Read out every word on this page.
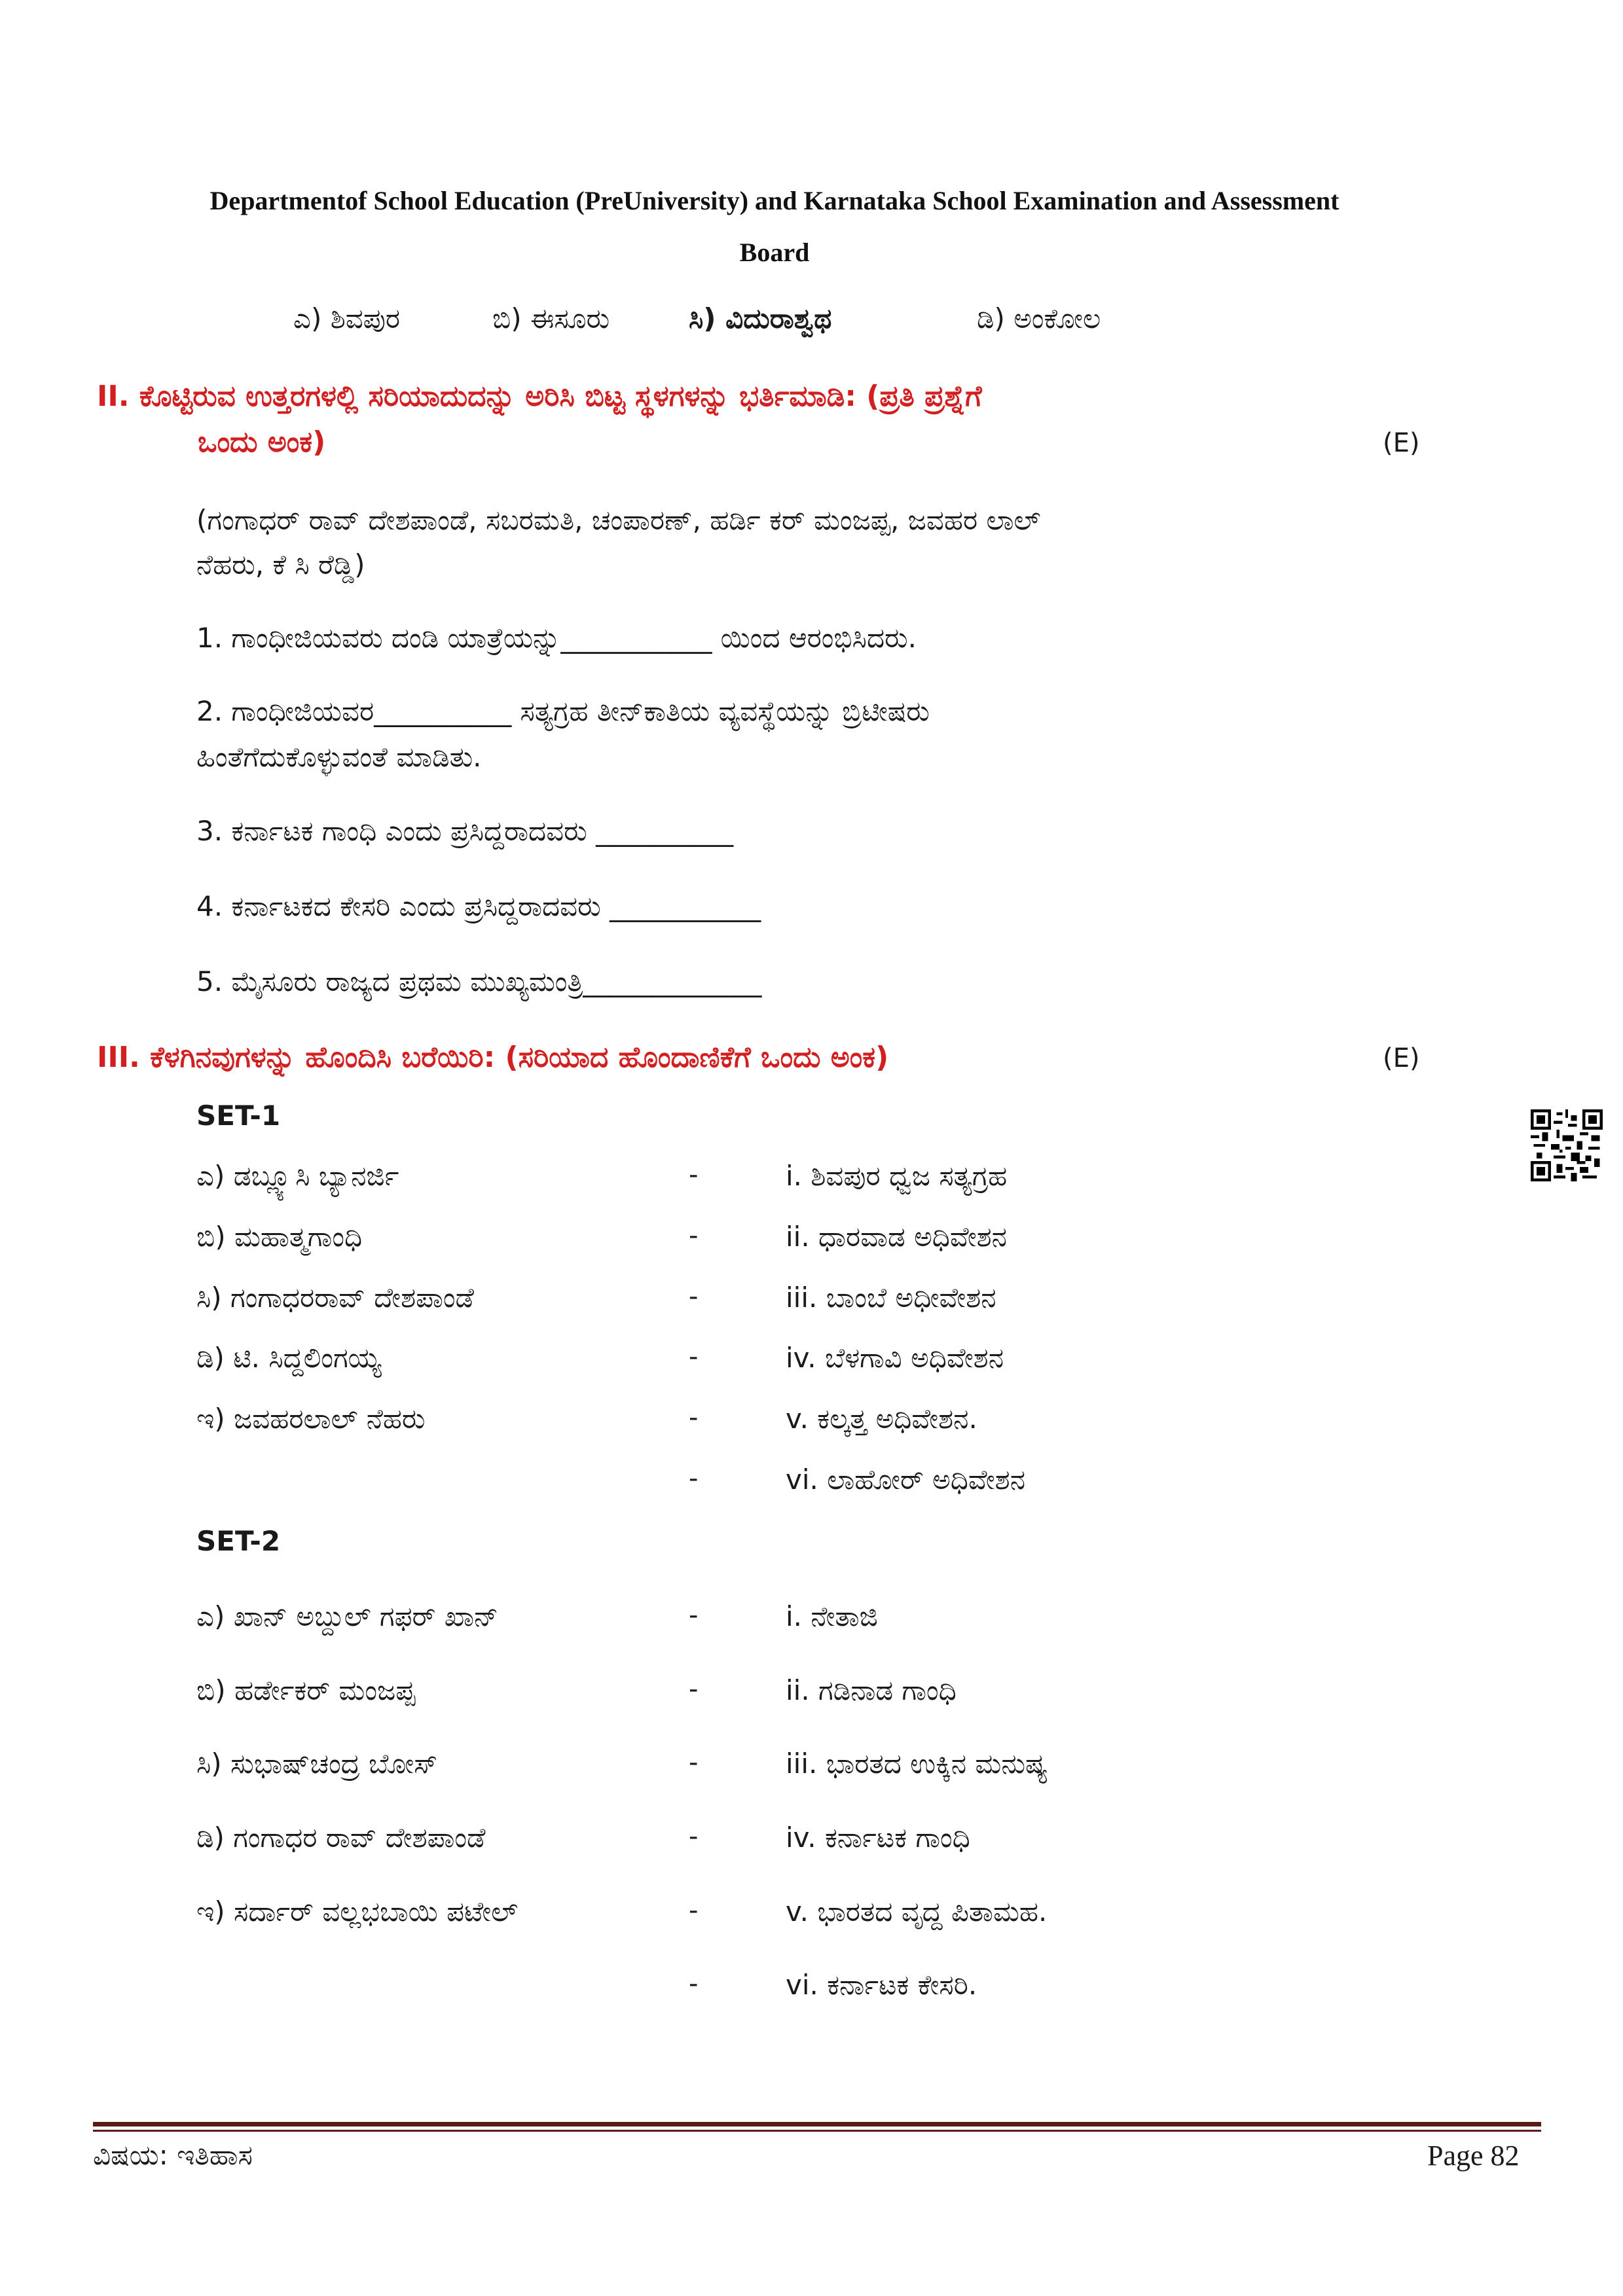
Departmentof School Education (PreUniversity) and Karnataka School Examination and Assessment
Board
ಎ) ಶಿವಪುರ	ಬಿ) ಈಸೂರು	ಸಿ) ವಿದುರಾಶ್ವಥ	ಡಿ) ಅಂಕೋಲ
II. ಕೊಟ್ಟಿರುವ ಉತ್ತರಗಳಲ್ಲಿ ಸರಿಯಾದುದನ್ನು ಅರಿಸಿ ಬಿಟ್ಟ ಸ್ಥಳಗಳನ್ನು ಭರ್ತಿಮಾಡಿ: (ಪ್ರತಿ ಪ್ರಶ್ನೆಗೆ
ಒಂದು ಅಂಕ)	(E)
(ಗಂಗಾಧರ್ ರಾವ್ ದೇಶಪಾಂಡೆ, ಸಬರಮತಿ, ಚಂಪಾರಣ್, ಹರ್ಡಿ ಕರ್ ಮಂಜಪ್ಪ, ಜವಹರ ಲಾಲ್
ನೆಹರು, ಕೆ ಸಿ ರೆಡ್ಡಿ)
1. ಗಾಂಧೀಜಿಯವರು ದಂಡಿ ಯಾತ್ರೆಯನ್ನು___________ ಯಿಂದ ಆರಂಭಿಸಿದರು.
2. ಗಾಂಧೀಜಿಯವರ__________ ಸತ್ಯಗ್ರಹ ತೀನ್‌ಕಾತಿಯ ವ್ಯವಸ್ಥೆಯನ್ನು ಬ್ರಿಟೀಷರು
ಹಿಂತೆಗೆದುಕೊಳ್ಳುವಂತೆ ಮಾಡಿತು.
3. ಕರ್ನಾಟಕ ಗಾಂಧಿ ಎಂದು ಪ್ರಸಿದ್ದರಾದವರು __________
4. ಕರ್ನಾಟಕದ ಕೇಸರಿ ಎಂದು ಪ್ರಸಿದ್ದರಾದವರು ___________
5. ಮೈಸೂರು ರಾಜ್ಯದ ಪ್ರಥಮ ಮುಖ್ಯಮಂತ್ರಿ_____________
III. ಕೆಳಗಿನವುಗಳನ್ನು ಹೊಂದಿಸಿ ಬರೆಯಿರಿ: (ಸರಿಯಾದ ಹೊಂದಾಣಿಕೆಗೆ ಒಂದು ಅಂಕ)	(E)
SET-1
ಎ) ಡಬ್ಲ್ಯೂಸಿ ಬ್ಯಾನರ್ಜಿ	-	i. ಶಿವಪುರ ಧ್ವಜ ಸತ್ಯಗ್ರಹ
ಬಿ) ಮಹಾತ್ಮಗಾಂಧಿ	-	ii. ಧಾರವಾಡ ಅಧಿವೇಶನ
ಸಿ) ಗಂಗಾಧರರಾವ್ ದೇಶಪಾಂಡೆ	-	iii. ಬಾಂಬೆ ಅಧೀವೇಶನ
ಡಿ) ಟಿ. ಸಿದ್ದಲಿಂಗಯ್ಯ	-	iv. ಬೆಳಗಾವಿ ಅಧಿವೇಶನ
ಇ) ಜವಹರಲಾಲ್ ನೆಹರು	-	v. ಕಲ್ಕತ್ತ ಅಧಿವೇಶನ.
-	vi. ಲಾಹೋರ್ ಅಧಿವೇಶನ
SET-2
ಎ) ಖಾನ್ ಅಬ್ದುಲ್ ಗಫರ್ ಖಾನ್	-	i. ನೇತಾಜಿ
ಬಿ) ಹರ್ಡೇಕರ್ ಮಂಜಪ್ಪ	-	ii. ಗಡಿನಾಡ ಗಾಂಧಿ
ಸಿ) ಸುಭಾಷ್‌ಚಂದ್ರ ಬೋಸ್	-	iii. ಭಾರತದ ಉಕ್ಕಿನ ಮನುಷ್ಯ
ಡಿ) ಗಂಗಾಧರ ರಾವ್ ದೇಶಪಾಂಡೆ	-	iv. ಕರ್ನಾಟಕ ಗಾಂಧಿ
ಇ) ಸರ್ದಾರ್ ವಲ್ಲಭಬಾಯಿ ಪಟೇಲ್	-	v. ಭಾರತದ ವೃದ್ದ ಪಿತಾಮಹ.
-	vi. ಕರ್ನಾಟಕ ಕೇಸರಿ.
ವಿಷಯ: ಇತಿಹಾಸ	Page 82
